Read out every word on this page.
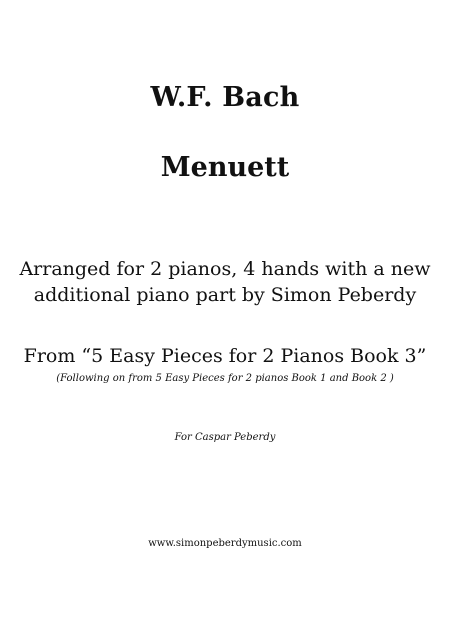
W.F. Bach
Menuett
Arranged for 2 pianos, 4 hands with a new
additional piano part by Simon Peberdy
From “5 Easy Pieces for 2 Pianos Book 3”
(Following on from 5 Easy Pieces for 2 pianos Book 1 and Book 2 )
For Caspar Peberdy
www.simonpeberdymusic.com
